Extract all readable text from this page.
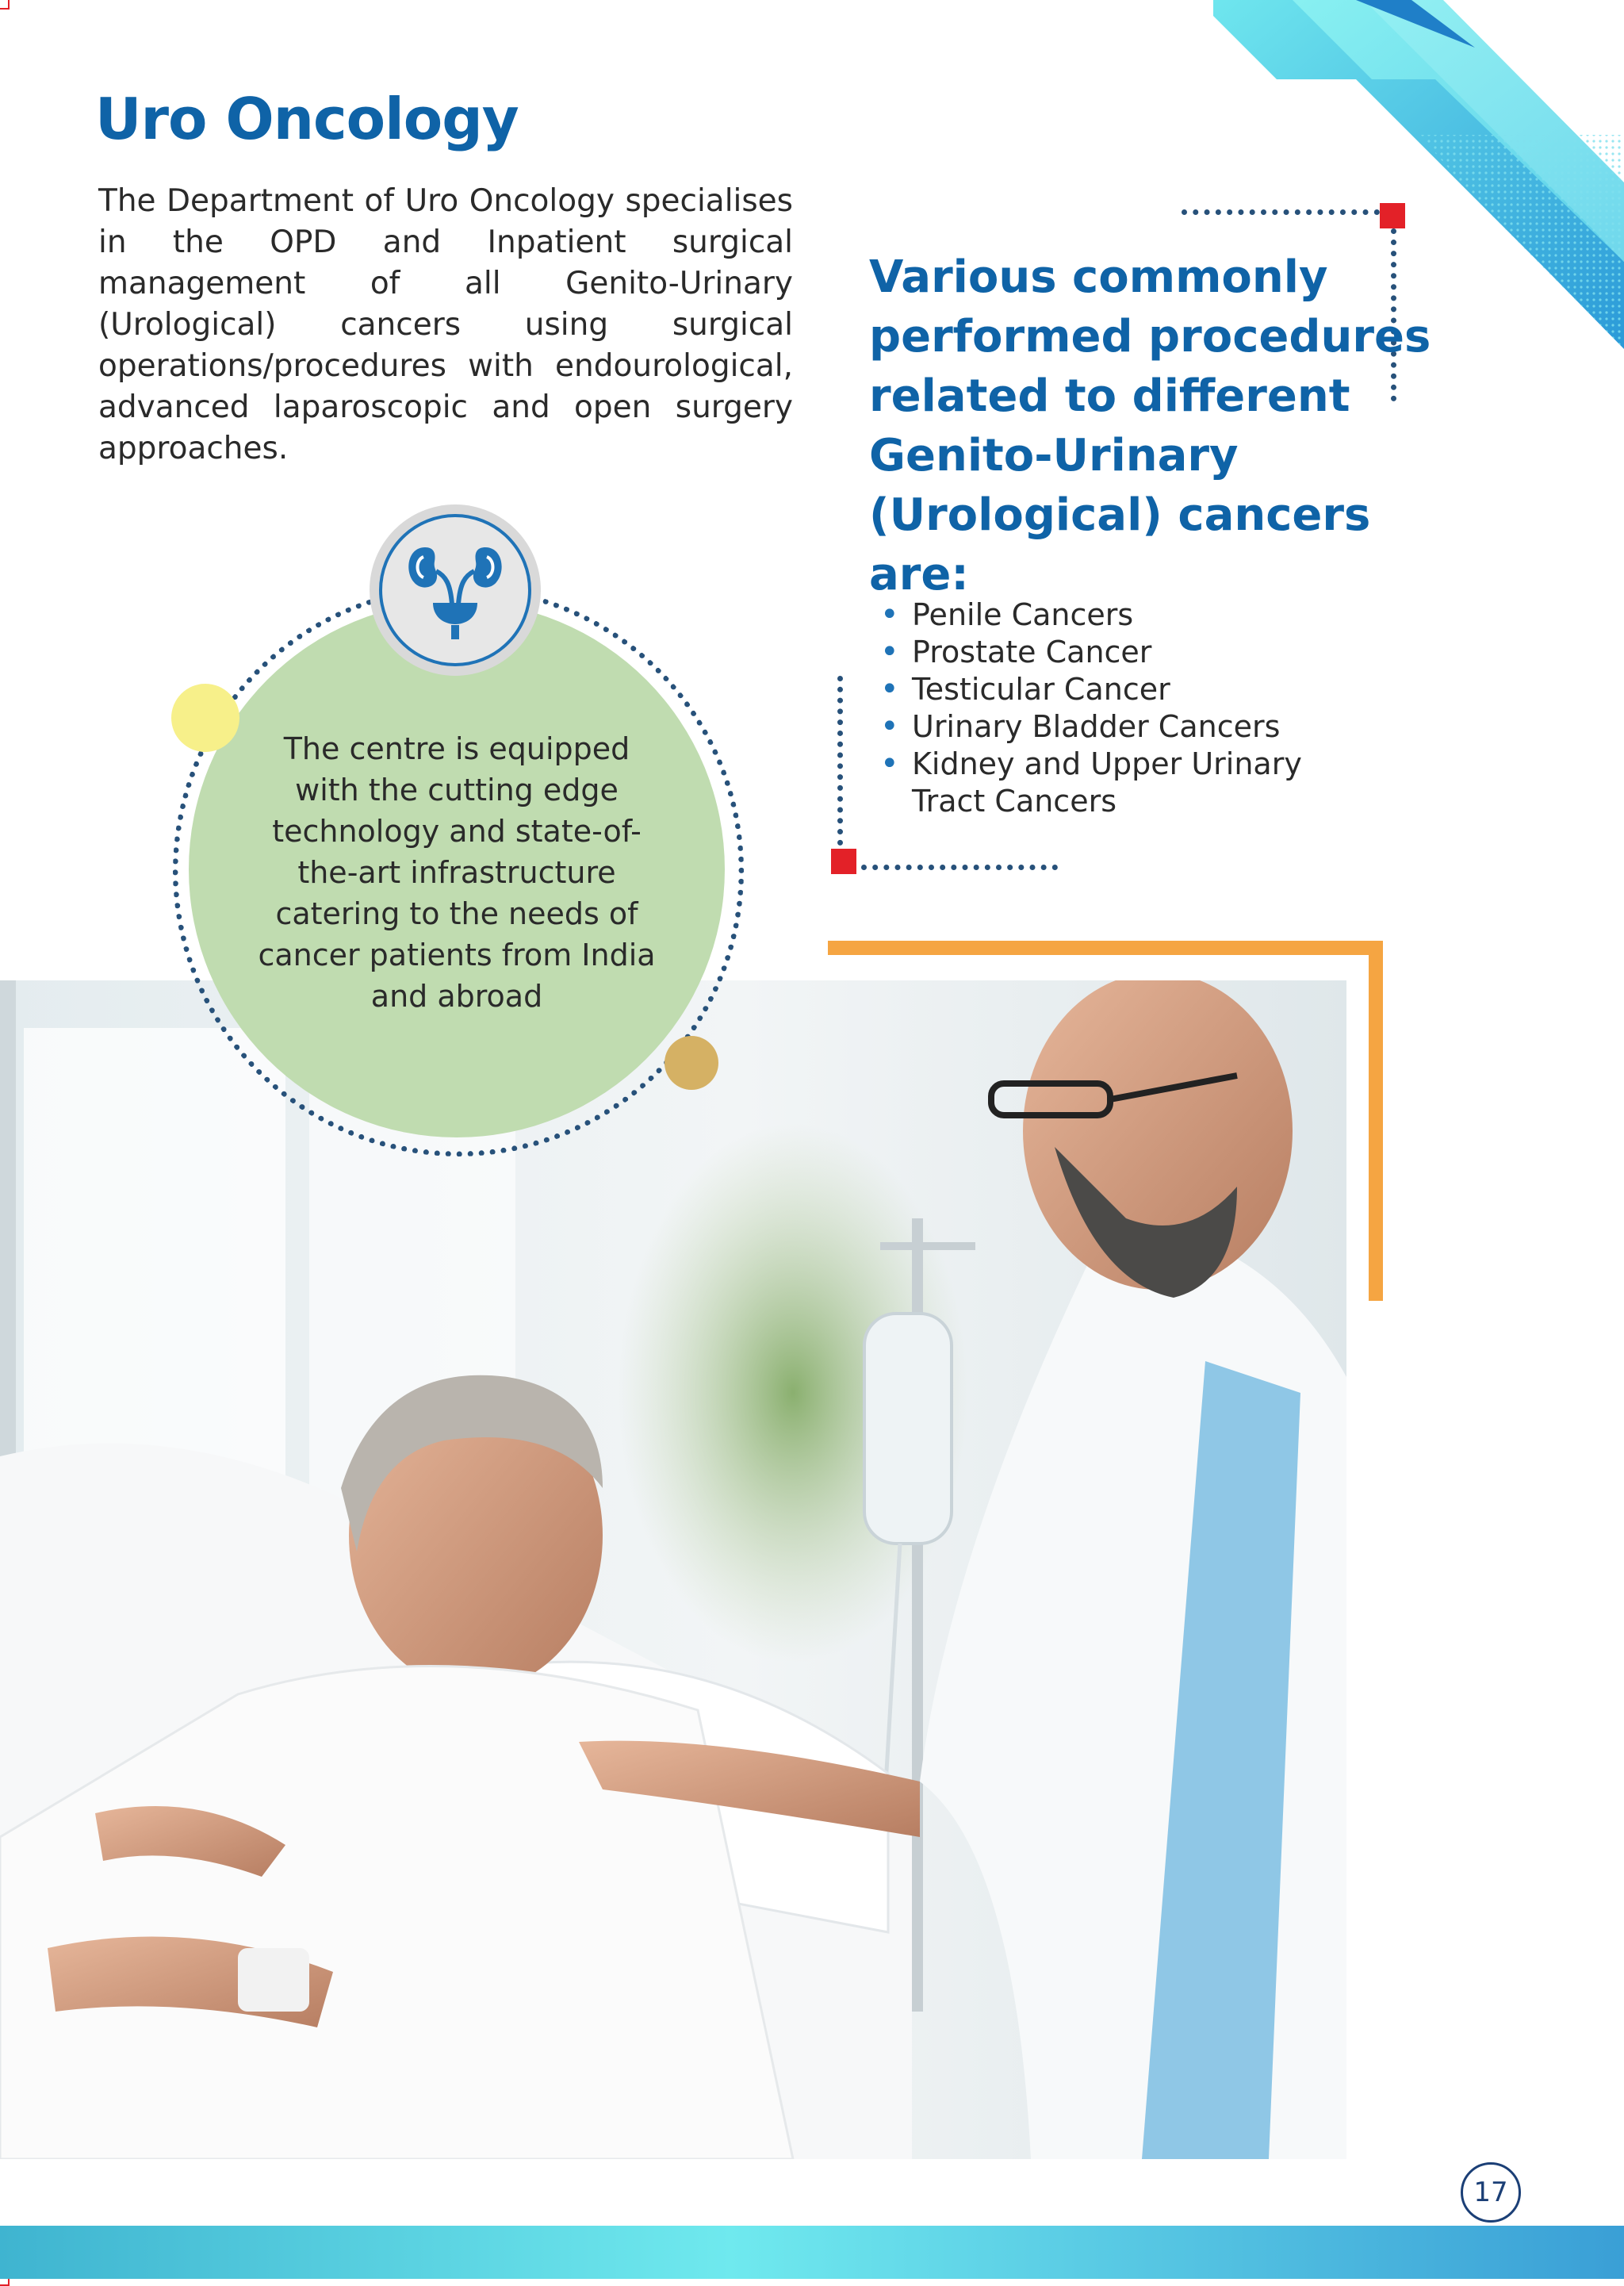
Uro Oncology

The Department of Uro Oncology specialises in the OPD and Inpatient surgical management of all Genito-Urinary (Urological) cancers using surgical operations/procedures with endourological, advanced laparoscopic and open surgery approaches.

Various commonly performed procedures related to different Genito-Urinary (Urological) cancers are:
• Penile Cancers
• Prostate Cancer
• Testicular Cancer
• Urinary Bladder Cancers
• Kidney and Upper Urinary Tract Cancers

The centre is equipped with the cutting edge technology and state-of-the-art infrastructure catering to the needs of cancer patients from India and abroad

17
